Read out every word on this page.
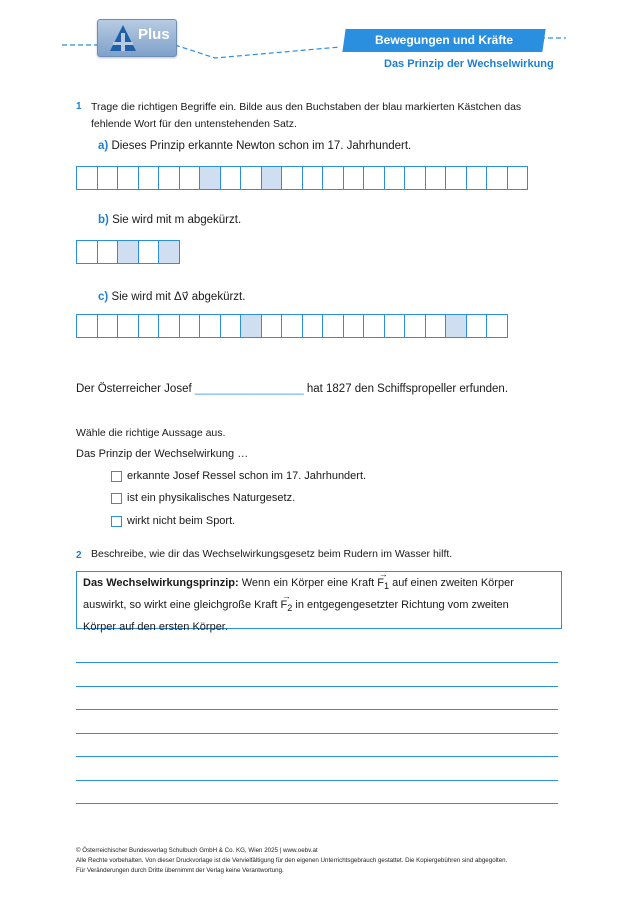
Plus	Bewegungen und Kräfte
Das Prinzip der Wechselwirkung
1 Trage die richtigen Begriffe ein. Bilde aus den Buchstaben der blau markierten Kästchen das
fehlende Wort für den untenstehenden Satz.
a) Dieses Prinzip erkannte Newton schon im 17. Jahrhundert.
b) Sie wird mit m abgekürzt.
c) Sie wird mit Δv⃗ abgekürzt.
Der Österreicher Josef _________________ hat 1827 den Schiffspropeller erfunden.
Wähle die richtige Aussage aus.
Das Prinzip der Wechselwirkung …
erkannte Josef Ressel schon im 17. Jahrhundert.
ist ein physikalisches Naturgesetz.
wirkt nicht beim Sport.
2 Beschreibe, wie dir das Wechselwirkungsgesetz beim Rudern im Wasser hilft.
Das Wechselwirkungsprinzip: Wenn ein Körper eine Kraft → $F_1$ auf einen zweiten Körper
auswirkt, so wirkt eine gleichgroße Kraft → $F_2$ in entgegengesetzter Richtung vom zweiten
Körper auf den ersten Körper.
© Österreichischer Bundesverlag Schulbuch GmbH & Co. KG, Wien 2025 | www.oebv.at
Alle Rechte vorbehalten. Von dieser Druckvorlage ist die Vervielfältigung für den eigenen Unterrichtsgebrauch gestattet. Die Kopiergebühren sind abgegolten.
Für Veränderungen durch Dritte übernimmt der Verlag keine Verantwortung.
